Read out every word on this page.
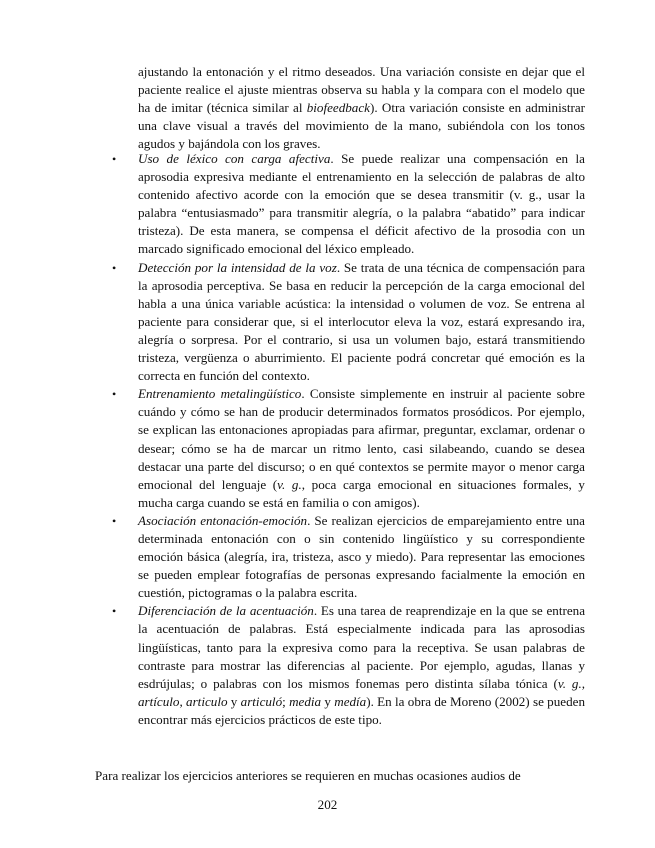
ajustando la entonación y el ritmo deseados. Una variación consiste en dejar que el paciente realice el ajuste mientras observa su habla y la compara con el modelo que ha de imitar (técnica similar al biofeedback). Otra variación consiste en administrar una clave visual a través del movimiento de la mano, subiéndola con los tonos agudos y bajándola con los graves.
• Uso de léxico con carga afectiva. Se puede realizar una compensación en la aprosodia expresiva mediante el entrenamiento en la selección de palabras de alto contenido afectivo acorde con la emoción que se desea transmitir (v. g., usar la palabra “entusiasmado” para transmitir alegría, o la palabra “abatido” para indicar tristeza). De esta manera, se compensa el déficit afectivo de la prosodia con un marcado significado emocional del léxico empleado.
• Detección por la intensidad de la voz. Se trata de una técnica de compensación para la aprosodia perceptiva. Se basa en reducir la percepción de la carga emocional del habla a una única variable acústica: la intensidad o volumen de voz. Se entrena al paciente para considerar que, si el interlocutor eleva la voz, estará expresando ira, alegría o sorpresa. Por el contrario, si usa un volumen bajo, estará transmitiendo tristeza, vergüenza o aburrimiento. El paciente podrá concretar qué emoción es la correcta en función del contexto.
• Entrenamiento metalingüístico. Consiste simplemente en instruir al paciente sobre cuándo y cómo se han de producir determinados formatos prosódicos. Por ejemplo, se explican las entonaciones apropiadas para afirmar, preguntar, exclamar, ordenar o desear; cómo se ha de marcar un ritmo lento, casi silabeando, cuando se desea destacar una parte del discurso; o en qué contextos se permite mayor o menor carga emocional del lenguaje (v. g., poca carga emocional en situaciones formales, y mucha carga cuando se está en familia o con amigos).
• Asociación entonación-emoción. Se realizan ejercicios de emparejamiento entre una determinada entonación con o sin contenido lingüístico y su correspondiente emoción básica (alegría, ira, tristeza, asco y miedo). Para representar las emociones se pueden emplear fotografías de personas expresando facialmente la emoción en cuestión, pictogramas o la palabra escrita.
• Diferenciación de la acentuación. Es una tarea de reaprendizaje en la que se entrena la acentuación de palabras. Está especialmente indicada para las aprosodias lingüísticas, tanto para la expresiva como para la receptiva. Se usan palabras de contraste para mostrar las diferencias al paciente. Por ejemplo, agudas, llanas y esdrújulas; o palabras con los mismos fonemas pero distinta sílaba tónica (v. g., artículo, articulo y articuló; media y medía). En la obra de Moreno (2002) se pueden encontrar más ejercicios prácticos de este tipo.

Para realizar los ejercicios anteriores se requieren en muchas ocasiones audios de

202
